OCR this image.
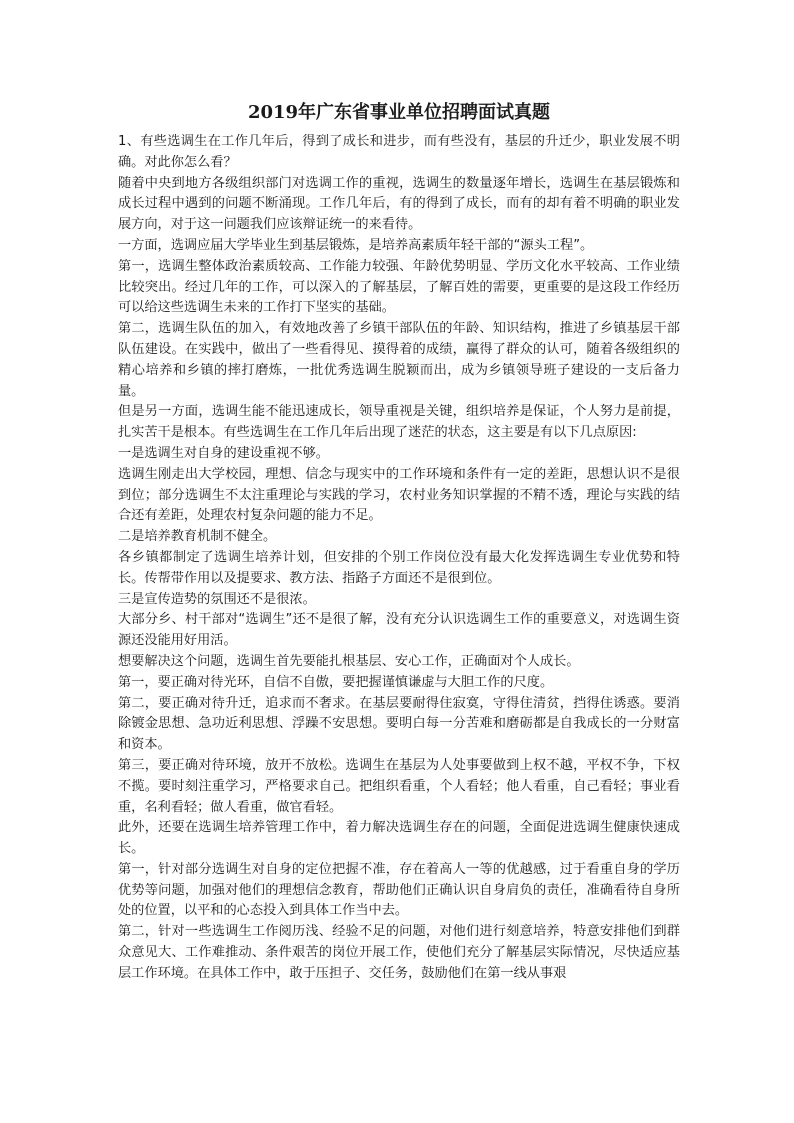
2019年广东省事业单位招聘面试真题

1、有些选调生在工作几年后，得到了成长和进步，而有些没有，基层的升迁少，职业发展不明确。对此你怎么看？

随着中央到地方各级组织部门对选调工作的重视，选调生的数量逐年增长，选调生在基层锻炼和成长过程中遇到的问题不断涌现。工作几年后，有的得到了成长，而有的却有着不明确的职业发展方向，对于这一问题我们应该辩证统一的来看待。

一方面，选调应届大学毕业生到基层锻炼，是培养高素质年轻干部的“源头工程”。

第一，选调生整体政治素质较高、工作能力较强、年龄优势明显、学历文化水平较高、工作业绩比较突出。经过几年的工作，可以深入的了解基层，了解百姓的需要，更重要的是这段工作经历可以给这些选调生未来的工作打下坚实的基础。

第二，选调生队伍的加入，有效地改善了乡镇干部队伍的年龄、知识结构，推进了乡镇基层干部队伍建设。在实践中，做出了一些看得见、摸得着的成绩，赢得了群众的认可，随着各级组织的精心培养和乡镇的摔打磨炼，一批优秀选调生脱颖而出，成为乡镇领导班子建设的一支后备力量。

但是另一方面，选调生能不能迅速成长，领导重视是关键，组织培养是保证，个人努力是前提，扎实苦干是根本。有些选调生在工作几年后出现了迷茫的状态，这主要是有以下几点原因:

一是选调生对自身的建设重视不够。

选调生刚走出大学校园，理想、信念与现实中的工作环境和条件有一定的差距，思想认识不是很到位；部分选调生不太注重理论与实践的学习，农村业务知识掌握的不精不透，理论与实践的结合还有差距，处理农村复杂问题的能力不足。

二是培养教育机制不健全。

各乡镇都制定了选调生培养计划，但安排的个别工作岗位没有最大化发挥选调生专业优势和特长。传帮带作用以及提要求、教方法、指路子方面还不是很到位。

三是宣传造势的氛围还不是很浓。

大部分乡、村干部对“选调生”还不是很了解，没有充分认识选调生工作的重要意义，对选调生资源还没能用好用活。

想要解决这个问题，选调生首先要能扎根基层、安心工作，正确面对个人成长。

第一，要正确对待光环，自信不自傲，要把握谨慎谦虚与大胆工作的尺度。

第二，要正确对待升迁，追求而不奢求。在基层要耐得住寂寞，守得住清贫，挡得住诱惑。要消除镀金思想、急功近利思想、浮躁不安思想。要明白每一分苦难和磨砺都是自我成长的一分财富和资本。

第三，要正确对待环境，放开不放松。选调生在基层为人处事要做到上权不越，平权不争，下权不揽。要时刻注重学习，严格要求自己。把组织看重，个人看轻；他人看重，自己看轻；事业看重，名利看轻；做人看重，做官看轻。

此外，还要在选调生培养管理工作中，着力解决选调生存在的问题，全面促进选调生健康快速成长。

第一，针对部分选调生对自身的定位把握不准，存在着高人一等的优越感，过于看重自身的学历优势等问题，加强对他们的理想信念教育，帮助他们正确认识自身肩负的责任，准确看待自身所处的位置，以平和的心态投入到具体工作当中去。

第二，针对一些选调生工作阅历浅、经验不足的问题，对他们进行刻意培养，特意安排他们到群众意见大、工作难推动、条件艰苦的岗位开展工作，使他们充分了解基层实际情况，尽快适应基层工作环境。在具体工作中，敢于压担子、交任务，鼓励他们在第一线从事艰
